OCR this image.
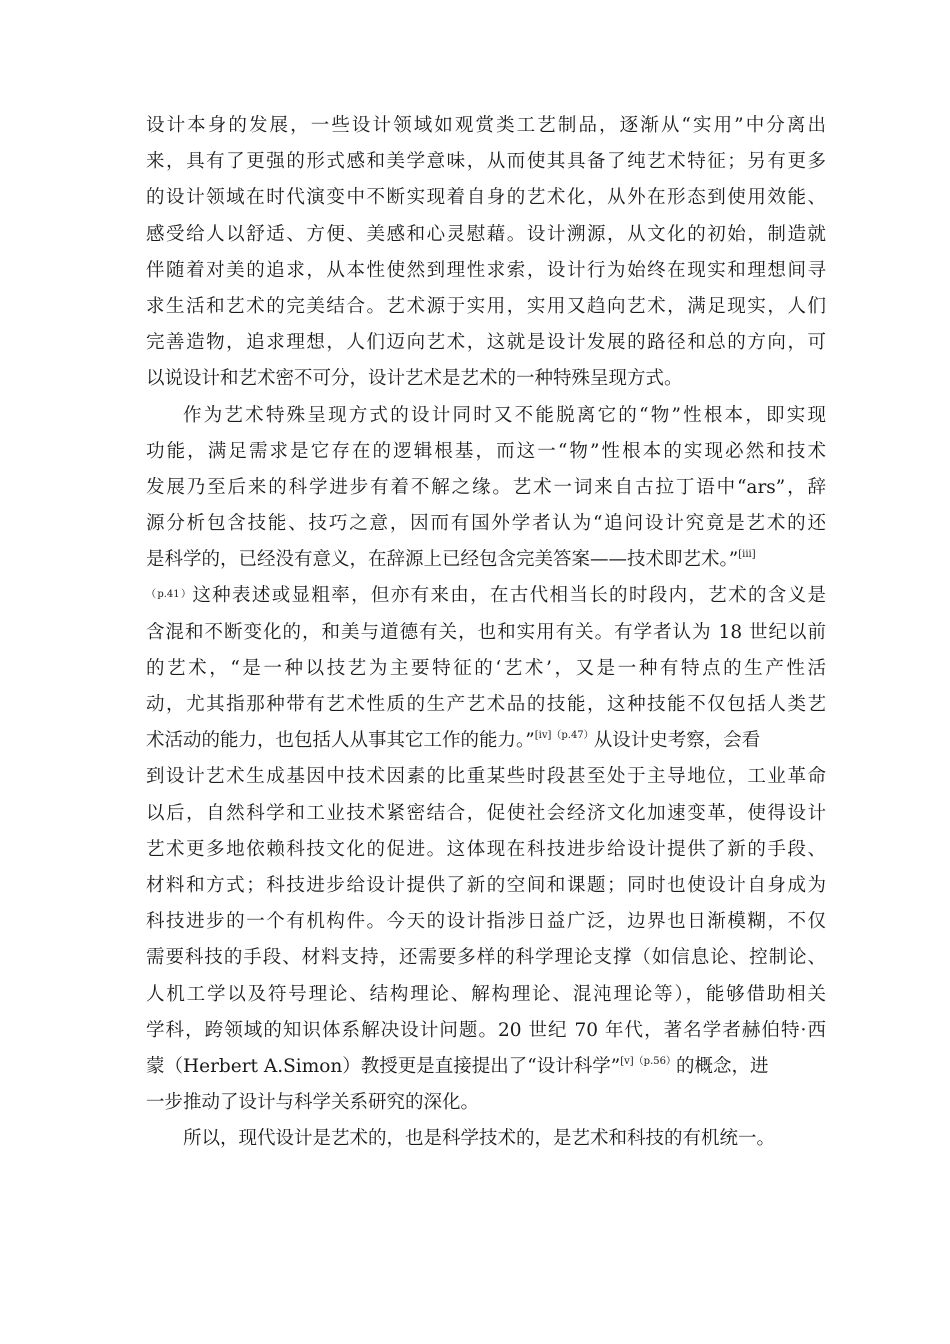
设计本身的发展，一些设计领域如观赏类工艺制品，逐渐从“实用”中分离出
来，具有了更强的形式感和美学意味，从而使其具备了纯艺术特征；另有更多
的设计领域在时代演变中不断实现着自身的艺术化，从外在形态到使用效能、
感受给人以舒适、方便、美感和心灵慰藉。设计溯源，从文化的初始，制造就
伴随着对美的追求，从本性使然到理性求索，设计行为始终在现实和理想间寻
求生活和艺术的完美结合。艺术源于实用，实用又趋向艺术，满足现实，人们
完善造物，追求理想，人们迈向艺术，这就是设计发展的路径和总的方向，可
以说设计和艺术密不可分，设计艺术是艺术的一种特殊呈现方式。
作为艺术特殊呈现方式的设计同时又不能脱离它的“物”性根本，即实现
功能，满足需求是它存在的逻辑根基，而这一“物”性根本的实现必然和技术
发展乃至后来的科学进步有着不解之缘。艺术一词来自古拉丁语中“ars”，辞
源分析包含技能、技巧之意，因而有国外学者认为“追问设计究竟是艺术的还
是科学的，已经没有意义，在辞源上已经包含完美答案——技术即艺术。”[iii]
$^{(p.41)}$这种表述或显粗率，但亦有来由，在古代相当长的时段内，艺术的含义是
含混和不断变化的，和美与道德有关，也和实用有关。有学者认为 18 世纪以前
的艺术，“是一种以技艺为主要特征的‘艺术’，又是一种有特点的生产性活
动，尤其指那种带有艺术性质的生产艺术品的技能，这种技能不仅包括人类艺
术活动的能力，也包括人从事其它工作的能力。”$^{[iv](p.47)}$从设计史考察，会看
到设计艺术生成基因中技术因素的比重某些时段甚至处于主导地位，工业革命
以后，自然科学和工业技术紧密结合，促使社会经济文化加速变革，使得设计
艺术更多地依赖科技文化的促进。这体现在科技进步给设计提供了新的手段、
材料和方式；科技进步给设计提供了新的空间和课题；同时也使设计自身成为
科技进步的一个有机构件。今天的设计指涉日益广泛，边界也日渐模糊，不仅
需要科技的手段、材料支持，还需要多样的科学理论支撑（如信息论、控制论、
人机工学以及符号理论、结构理论、解构理论、混沌理论等），能够借助相关
学科，跨领域的知识体系解决设计问题。20 世纪 70 年代，著名学者赫伯特·西
蒙（Herbert A.Simon）教授更是直接提出了“设计科学”$^{[v](p.56)}$的概念，进
一步推动了设计与科学关系研究的深化。
所以，现代设计是艺术的，也是科学技术的，是艺术和科技的有机统一。
